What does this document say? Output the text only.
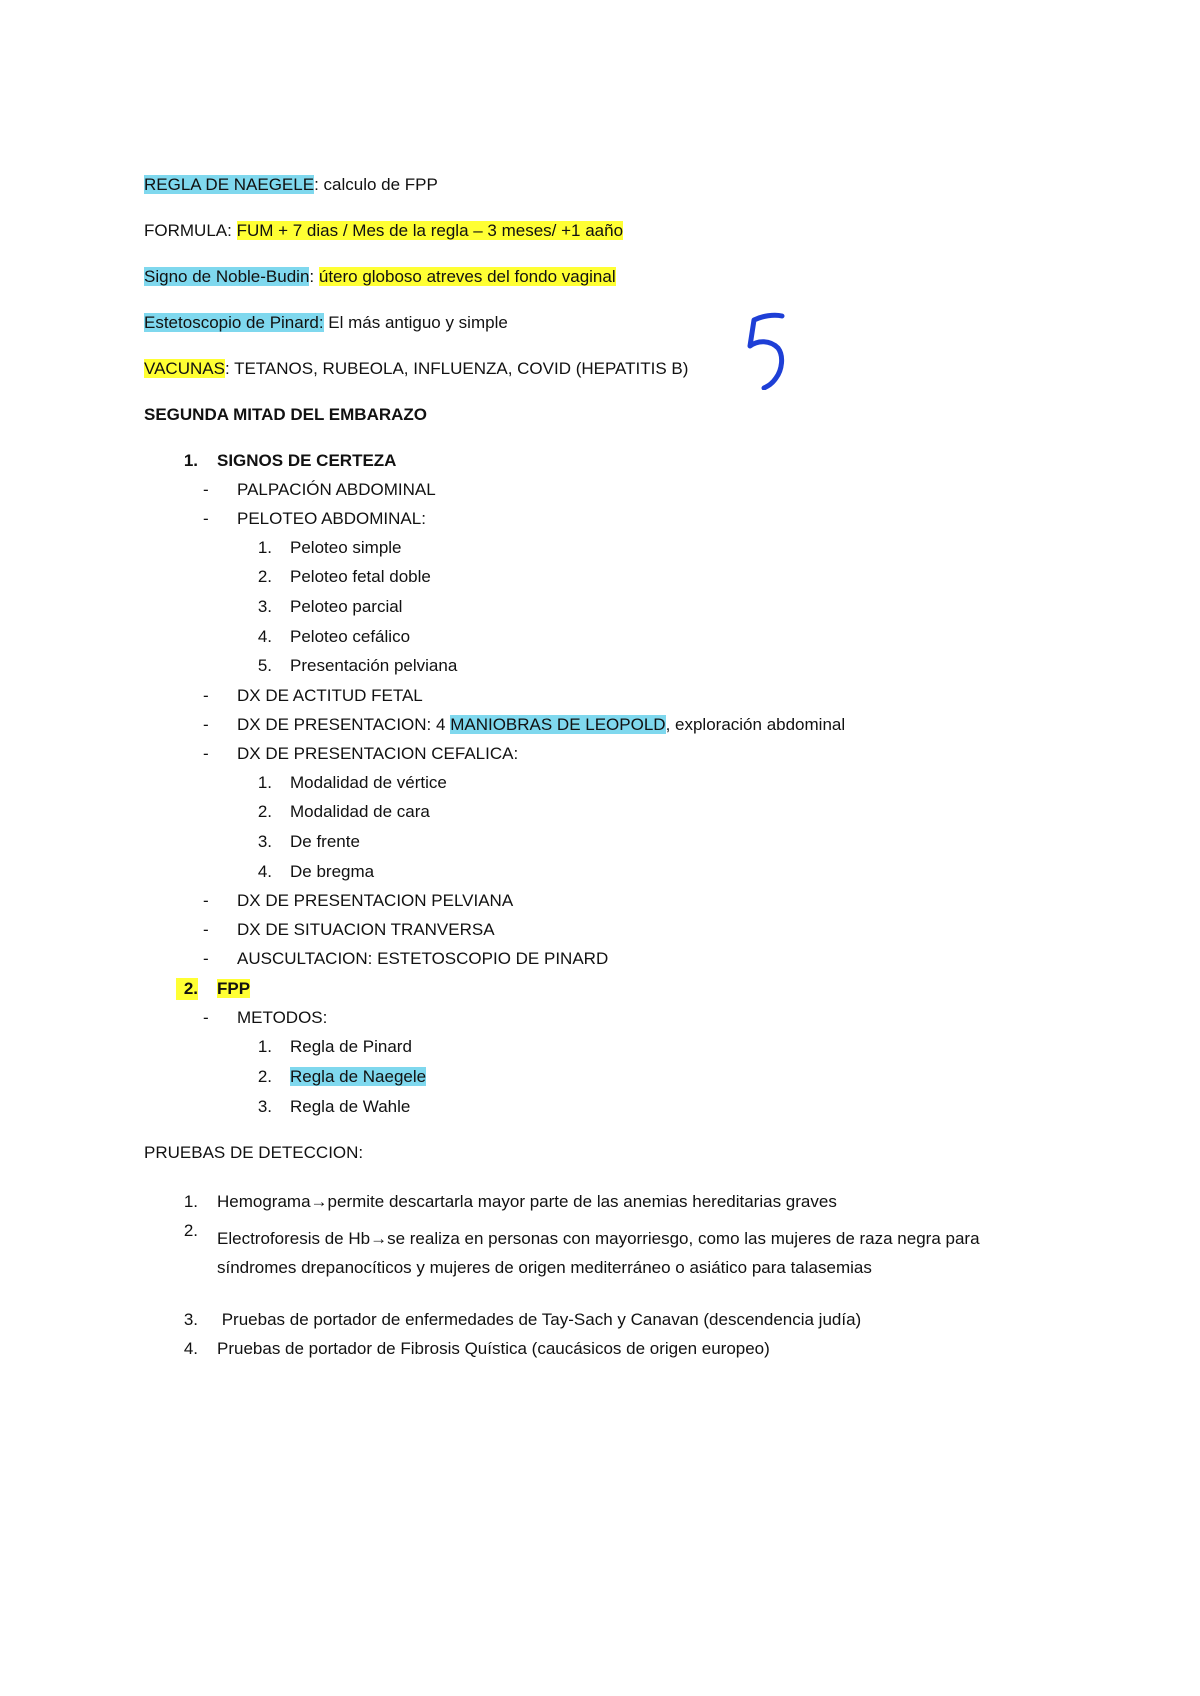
REGLA DE NAEGELE: calculo de FPP
FORMULA: FUM + 7 dias / Mes de la regla – 3 meses/ +1 aaño
Signo de Noble-Budin: útero globoso atreves del fondo vaginal
Estetoscopio de Pinard: El más antiguo y simple
VACUNAS: TETANOS, RUBEOLA, INFLUENZA, COVID (HEPATITIS B)
SEGUNDA MITAD DEL EMBARAZO
1. SIGNOS DE CERTEZA
- PALPACIÓN ABDOMINAL
- PELOTEO ABDOMINAL:
1. Peloteo simple
2. Peloteo fetal doble
3. Peloteo parcial
4. Peloteo cefálico
5. Presentación pelviana
- DX DE ACTITUD FETAL
- DX DE PRESENTACION: 4 MANIOBRAS DE LEOPOLD, exploración abdominal
- DX DE PRESENTACION CEFALICA:
1. Modalidad de vértice
2. Modalidad de cara
3. De frente
4. De bregma
- DX DE PRESENTACION PELVIANA
- DX DE SITUACION TRANVERSA
- AUSCULTACION: ESTETOSCOPIO DE PINARD
2. FPP
- METODOS:
1. Regla de Pinard
2. Regla de Naegele
3. Regla de Wahle
PRUEBAS DE DETECCION:
1. Hemograma→permite descartarla mayor parte de las anemias hereditarias graves
2. Electroforesis de Hb→se realiza en personas con mayorriesgo, como las mujeres de raza negra para síndromes drepanocíticos y mujeres de origen mediterráneo o asiático para talasemias
3. Pruebas de portador de enfermedades de Tay-Sach y Canavan (descendencia judía)
4. Pruebas de portador de Fibrosis Quística (caucásicos de origen europeo)
